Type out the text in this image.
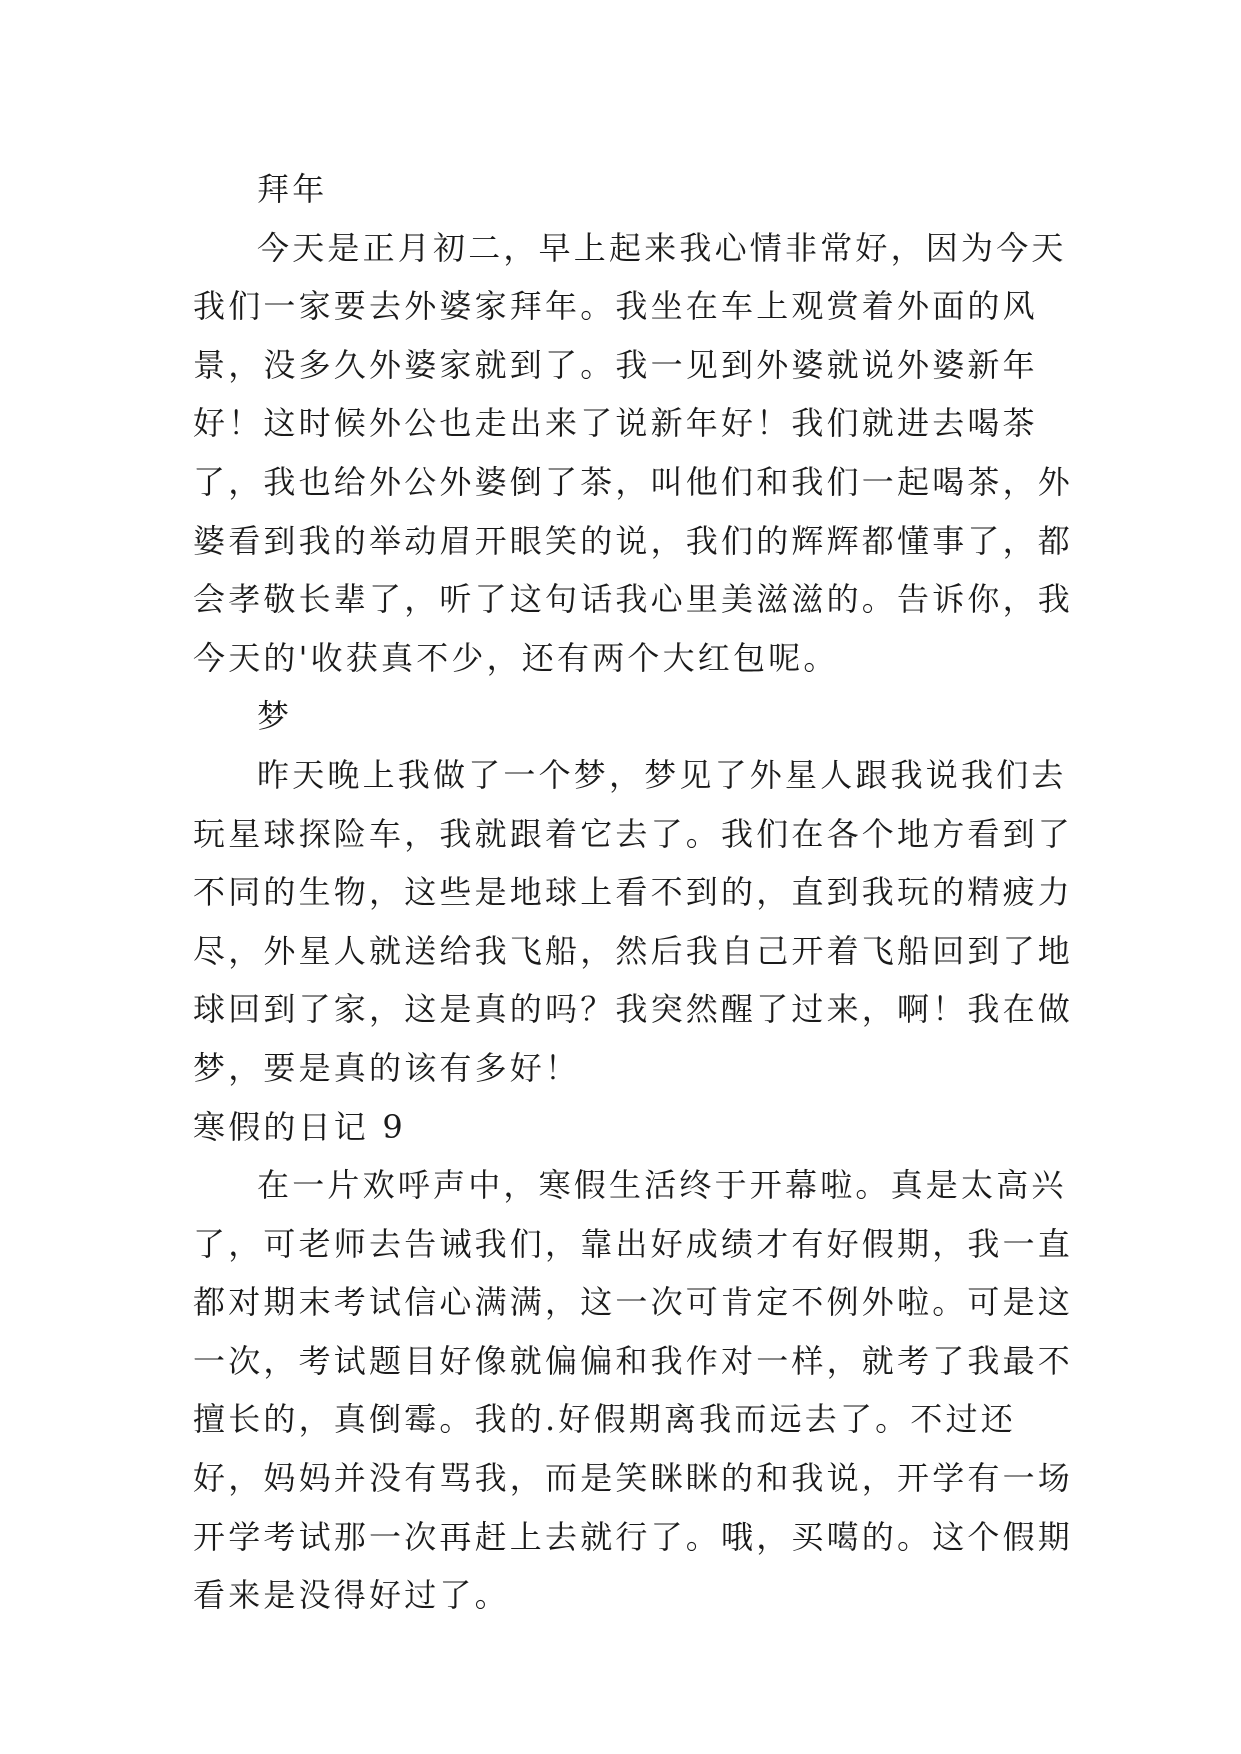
拜年

今天是正月初二，早上起来我心情非常好，因为今天我们一家要去外婆家拜年。我坐在车上观赏着外面的风景，没多久外婆家就到了。我一见到外婆就说外婆新年好！这时候外公也走出来了说新年好！我们就进去喝茶了，我也给外公外婆倒了茶，叫他们和我们一起喝茶，外婆看到我的举动眉开眼笑的说，我们的辉辉都懂事了，都会孝敬长辈了，听了这句话我心里美滋滋的。告诉你，我今天的'收获真不少，还有两个大红包呢。

梦

昨天晚上我做了一个梦，梦见了外星人跟我说我们去玩星球探险车，我就跟着它去了。我们在各个地方看到了不同的生物，这些是地球上看不到的，直到我玩的精疲力尽，外星人就送给我飞船，然后我自己开着飞船回到了地球回到了家，这是真的吗？我突然醒了过来，啊！我在做梦，要是真的该有多好！

寒假的日记 9

在一片欢呼声中，寒假生活终于开幕啦。真是太高兴了，可老师去告诫我们，靠出好成绩才有好假期，我一直都对期末考试信心满满，这一次可肯定不例外啦。可是这一次，考试题目好像就偏偏和我作对一样，就考了我最不擅长的，真倒霉。我的.好假期离我而远去了。不过还好，妈妈并没有骂我，而是笑眯眯的和我说，开学有一场开学考试那一次再赶上去就行了。哦，买噶的。这个假期看来是没得好过了。
